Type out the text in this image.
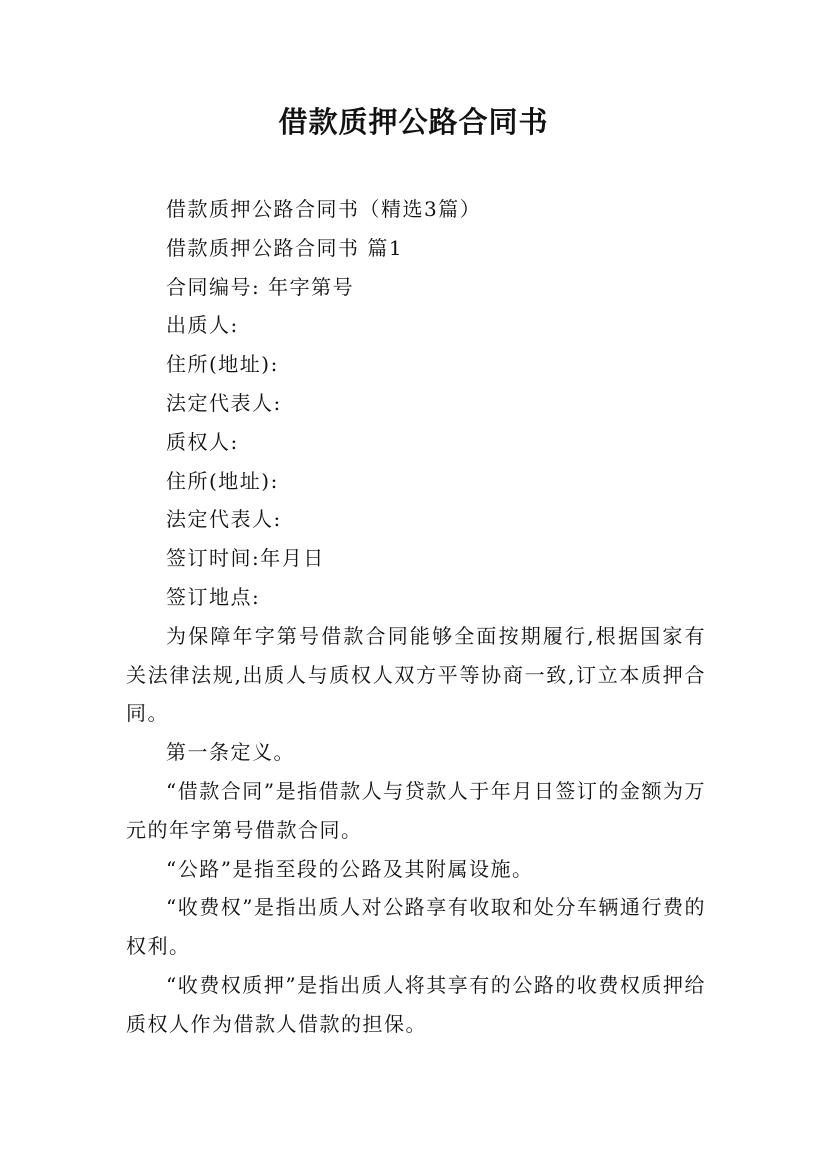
借款质押公路合同书

借款质押公路合同书（精选3篇）

借款质押公路合同书 篇1

合同编号: 年字第号

出质人:

住所(地址):

法定代表人:

质权人:

住所(地址):

法定代表人:

签订时间:年月日

签订地点:

为保障年字第号借款合同能够全面按期履行,根据国家有关法律法规,出质人与质权人双方平等协商一致,订立本质押合同。

第一条定义。

“借款合同”是指借款人与贷款人于年月日签订的金额为万元的年字第号借款合同。

“公路”是指至段的公路及其附属设施。

“收费权”是指出质人对公路享有收取和处分车辆通行费的权利。

“收费权质押”是指出质人将其享有的公路的收费权质押给质权人作为借款人借款的担保。
